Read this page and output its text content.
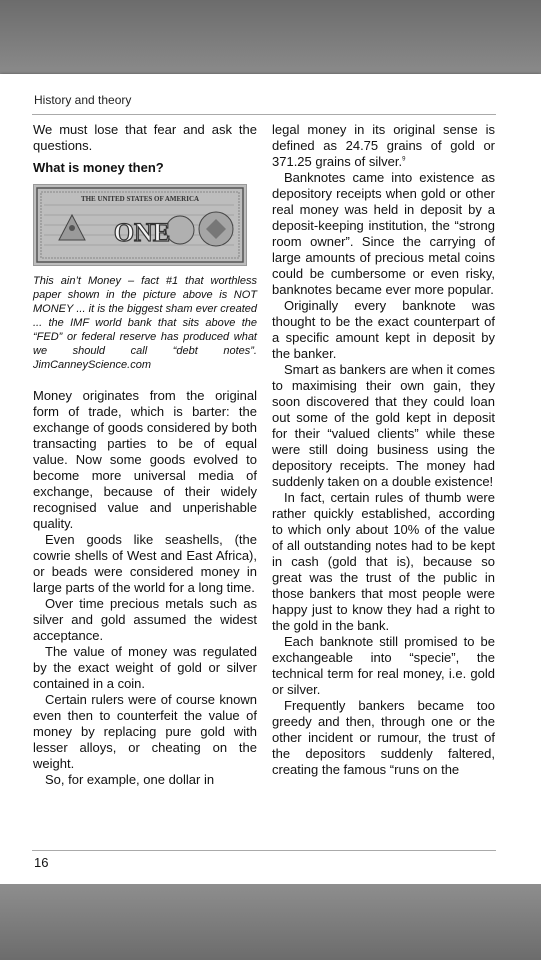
History and theory

We must lose that fear and ask the questions.

What is money then?
THE UNITED STATES OF AMERICA
ONE
This ain’t Money – fact #1 that worthless paper shown in the picture above is NOT MONEY ... it is the biggest sham ever created ... the IMF world bank that sits above the “FED” or federal reserve has produced what we should call “debt notes”. JimCanneyScience.com

Money originates from the original form of trade, which is barter: the exchange of goods considered by both transacting parties to be of equal value. Now some goods evolved to become more universal media of exchange, because of their widely recognised value and unperishable quality.

Even goods like seashells, (the cowrie shells of West and East Africa), or beads were considered money in large parts of the world for a long time.

Over time precious metals such as silver and gold assumed the widest acceptance.

The value of money was regulated by the exact weight of gold or silver contained in a coin.

Certain rulers were of course known even then to counterfeit the value of money by replacing pure gold with lesser alloys, or cheating on the weight.

So, for example, one dollar in

legal money in its original sense is defined as 24.75 grains of gold or 371.25 grains of silver.$^9$

Banknotes came into existence as depository receipts when gold or other real money was held in deposit by a deposit-keeping institution, the “strong room owner”. Since the carrying of large amounts of precious metal coins could be cumbersome or even risky, banknotes became ever more popular.

Originally every banknote was thought to be the exact counterpart of a specific amount kept in deposit by the banker.

Smart as bankers are when it comes to maximising their own gain, they soon discovered that they could loan out some of the gold kept in deposit for their “valued clients” while these were still doing business using the depository receipts. The money had suddenly taken on a double existence!

In fact, certain rules of thumb were rather quickly established, according to which only about 10% of the value of all outstanding notes had to be kept in cash (gold that is), because so great was the trust of the public in those bankers that most people were happy just to know they had a right to the gold in the bank.

Each banknote still promised to be exchangeable into “specie”, the technical term for real money, i.e. gold or silver.

Frequently bankers became too greedy and then, through one or the other incident or rumour, the trust of the depositors suddenly faltered, creating the famous “runs on the

16
